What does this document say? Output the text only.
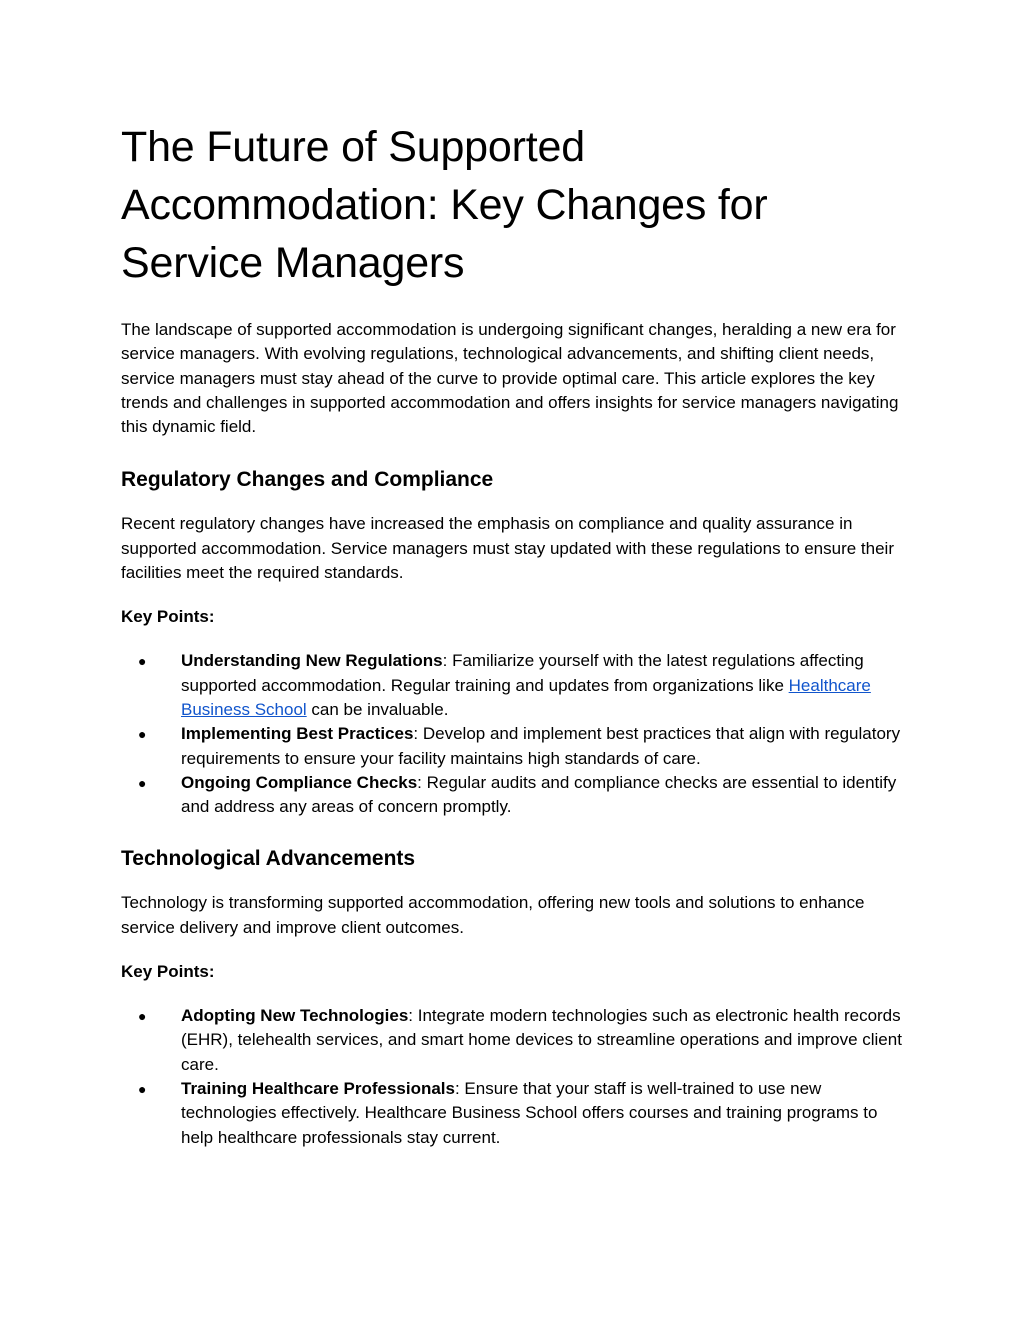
The Future of Supported Accommodation: Key Changes for Service Managers

The landscape of supported accommodation is undergoing significant changes, heralding a new era for service managers. With evolving regulations, technological advancements, and shifting client needs, service managers must stay ahead of the curve to provide optimal care. This article explores the key trends and challenges in supported accommodation and offers insights for service managers navigating this dynamic field.

Regulatory Changes and Compliance

Recent regulatory changes have increased the emphasis on compliance and quality assurance in supported accommodation. Service managers must stay updated with these regulations to ensure their facilities meet the required standards.

Key Points:
● Understanding New Regulations: Familiarize yourself with the latest regulations affecting supported accommodation. Regular training and updates from organizations like Healthcare Business School can be invaluable.
● Implementing Best Practices: Develop and implement best practices that align with regulatory requirements to ensure your facility maintains high standards of care.
● Ongoing Compliance Checks: Regular audits and compliance checks are essential to identify and address any areas of concern promptly.
Technological Advancements

Technology is transforming supported accommodation, offering new tools and solutions to enhance service delivery and improve client outcomes.

Key Points:
● Adopting New Technologies: Integrate modern technologies such as electronic health records (EHR), telehealth services, and smart home devices to streamline operations and improve client care.
● Training Healthcare Professionals: Ensure that your staff is well-trained to use new technologies effectively. Healthcare Business School offers courses and training programs to help healthcare professionals stay current.
